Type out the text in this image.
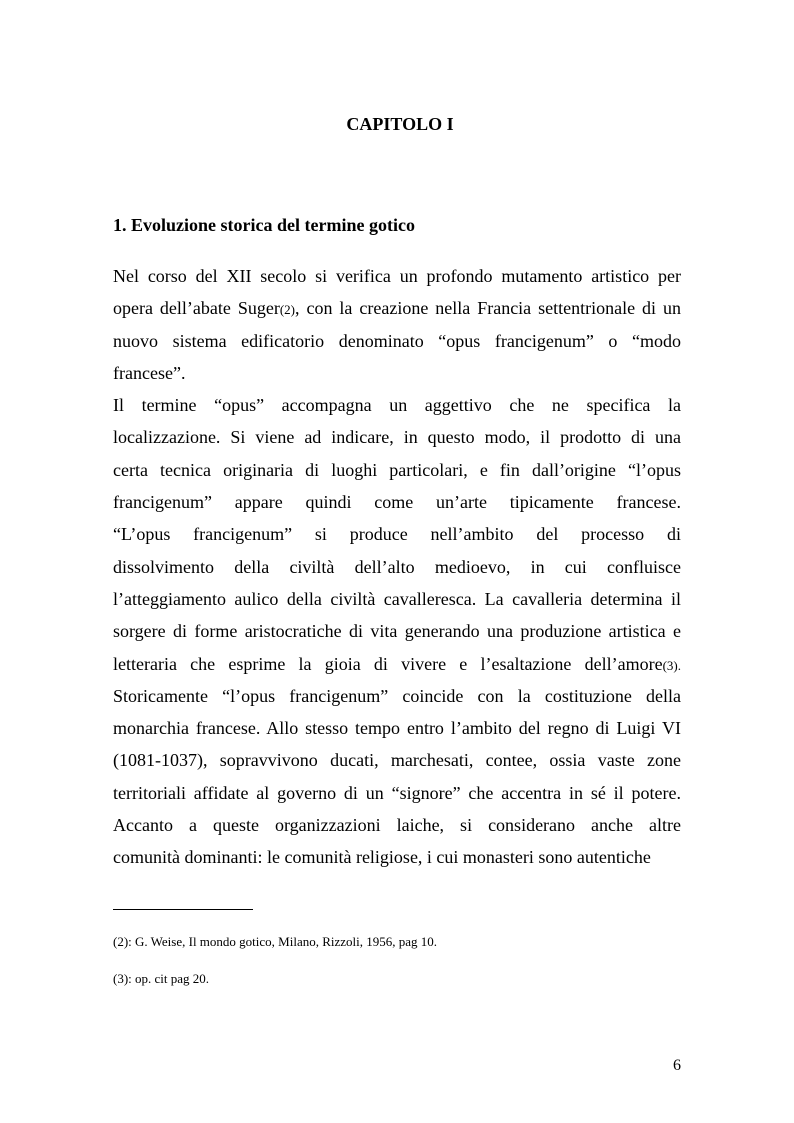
CAPITOLO I
1. Evoluzione storica del termine gotico
Nel corso del XII secolo si verifica un profondo mutamento artistico per
opera dell’abate Suger(2), con la creazione nella Francia settentrionale di un
nuovo sistema edificatorio denominato “opus francigenum” o “modo
francese”.
Il termine “opus” accompagna un aggettivo che ne specifica la
localizzazione. Si viene ad indicare, in questo modo, il prodotto di una
certa tecnica originaria di luoghi particolari, e fin dall’origine “l’opus
francigenum” appare quindi come un’arte tipicamente francese.
“L’opus francigenum” si produce nell’ambito del processo di
dissolvimento della civiltà dell’alto medioevo, in cui confluisce
l’atteggiamento aulico della civiltà cavalleresca. La cavalleria determina il
sorgere di forme aristocratiche di vita generando una produzione artistica e
letteraria che esprime la gioia di vivere e l’esaltazione dell’amore(3).
Storicamente “l’opus francigenum” coincide con la costituzione della
monarchia francese. Allo stesso tempo entro l’ambito del regno di Luigi VI
(1081-1037), sopravvivono ducati, marchesati, contee, ossia vaste zone
territoriali affidate al governo di un “signore” che accentra in sé il potere.
Accanto a queste organizzazioni laiche, si considerano anche altre
comunità dominanti: le comunità religiose, i cui monasteri sono autentiche

(2): G. Weise, Il mondo gotico, Milano, Rizzoli, 1956, pag 10.

(3): op. cit pag 20.

6
